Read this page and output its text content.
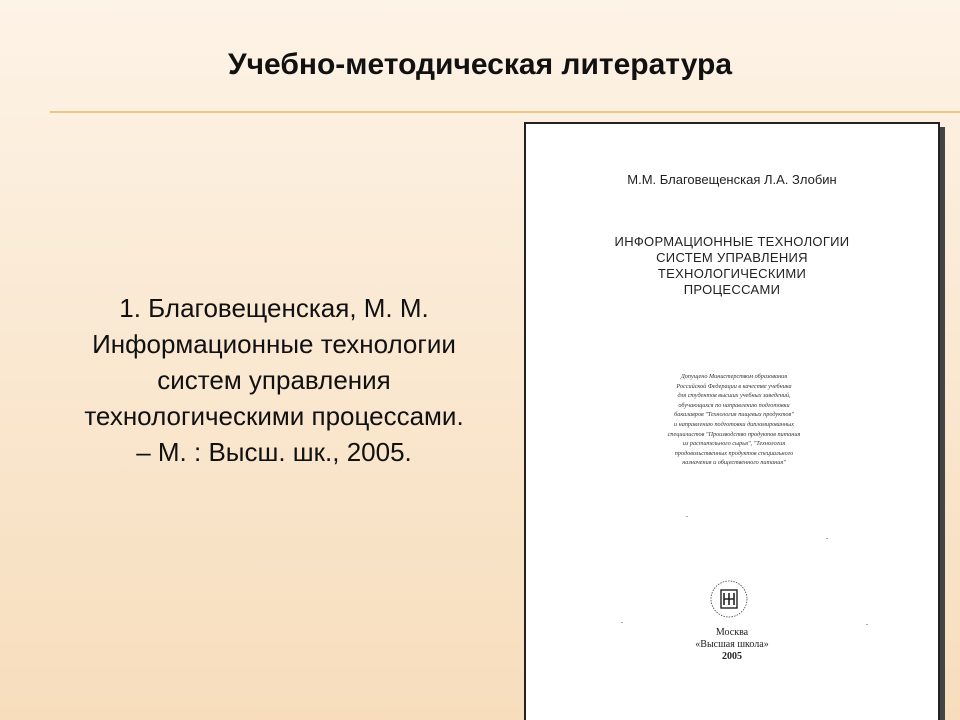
Учебно-методическая литература
1. Благовещенская, М. М.
Информационные технологии
систем управления
технологическими процессами.
– М. : Высш. шк., 2005.
М.М. Благовещенская Л.А. Злобин
ИНФОРМАЦИОННЫЕ ТЕХНОЛОГИИ
СИСТЕМ УПРАВЛЕНИЯ
ТЕХНОЛОГИЧЕСКИМИ
ПРОЦЕССАМИ
Допущено Министерством образования
Российской Федерации в качестве учебника
для студентов высших учебных заведений,
обучающихся по направлению подготовки
бакалавров "Технология пищевых продуктов"
и направлению подготовки дипломированных
специалистов "Производство продуктов питания
из растительного сырья", "Технология
продовольственных продуктов специального
назначения и общественного питания"
Москва
«Высшая школа»
2005
